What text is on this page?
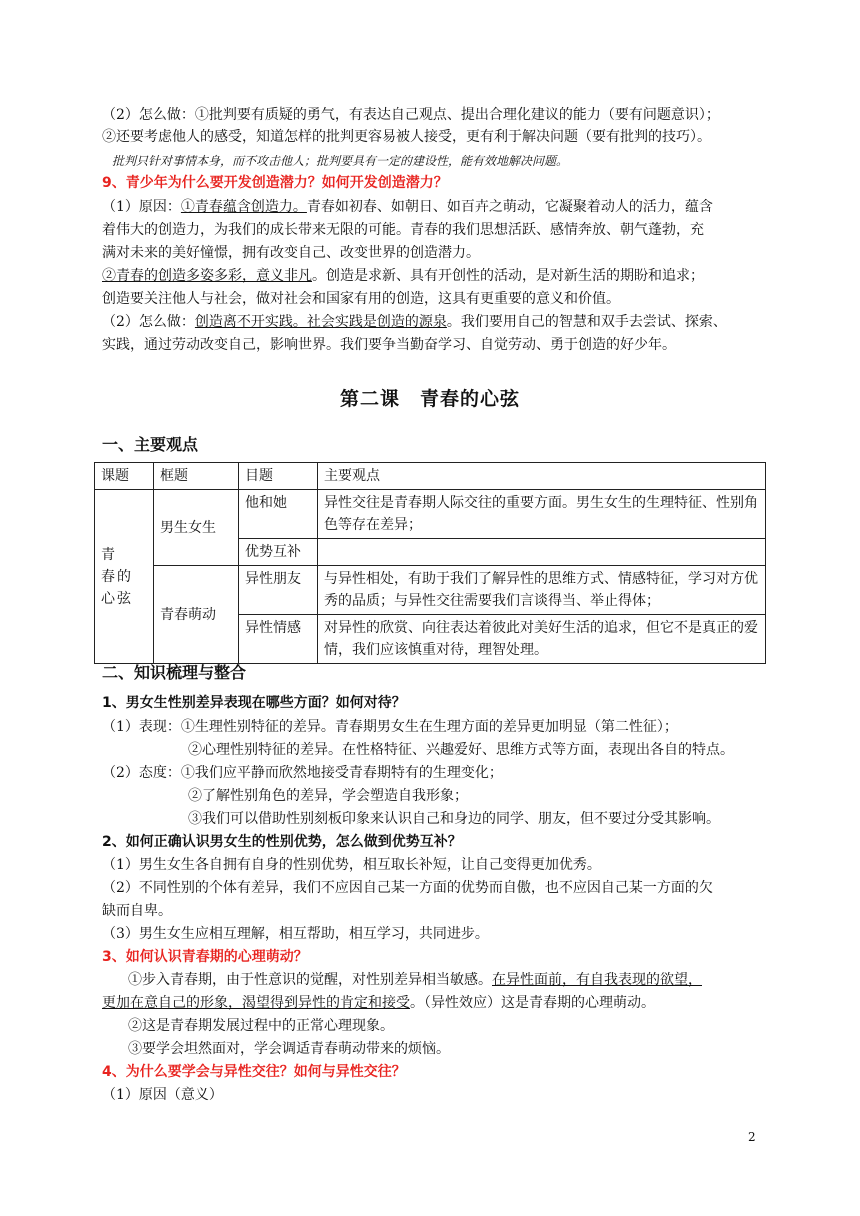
（2）怎么做：①批判要有质疑的勇气，有表达自己观点、提出合理化建议的能力（要有问题意识）；
②还要考虑他人的感受，知道怎样的批判更容易被人接受，更有利于解决问题（要有批判的技巧）。
批判只针对事情本身，而不攻击他人；批判要具有一定的建设性，能有效地解决问题。
9、青少年为什么要开发创造潜力？如何开发创造潜力？
（1）原因：①青春蕴含创造力。青春如初春、如朝日、如百卉之萌动，它凝聚着动人的活力，蕴含
着伟大的创造力，为我们的成长带来无限的可能。青春的我们思想活跃、感情奔放、朝气蓬勃，充
满对未来的美好憧憬，拥有改变自己、改变世界的创造潜力。
②青春的创造多姿多彩，意义非凡。创造是求新、具有开创性的活动，是对新生活的期盼和追求；
创造要关注他人与社会，做对社会和国家有用的创造，这具有更重要的意义和价值。
（2）怎么做：创造离不开实践。社会实践是创造的源泉。我们要用自己的智慧和双手去尝试、探索、
实践，通过劳动改变自己，影响世界。我们要争当勤奋学习、自觉劳动、勇于创造的好少年。
第二课　青春的心弦
一、主要观点
课题	框题	目题	主要观点
青　春的　心弦	男生女生	他和她	异性交往是青春期人际交往的重要方面。男生女生的生理特征、性别角色等存在差异；
		优势互补	
	青春萌动	异性朋友	与异性相处，有助于我们了解异性的思维方式、情感特征，学习对方优秀的品质；与异性交往需要我们言谈得当、举止得体；
		异性情感	对异性的欣赏、向往表达着彼此对美好生活的追求，但它不是真正的爱情，我们应该慎重对待，理智处理。
二、知识梳理与整合
1、男女生性别差异表现在哪些方面？如何对待？
（1）表现：①生理性别特征的差异。青春期男女生在生理方面的差异更加明显（第二性征）；
②心理性别特征的差异。在性格特征、兴趣爱好、思维方式等方面，表现出各自的特点。
（2）态度：①我们应平静而欣然地接受青春期特有的生理变化；
②了解性别角色的差异，学会塑造自我形象；
③我们可以借助性别刻板印象来认识自己和身边的同学、朋友，但不要过分受其影响。
2、如何正确认识男女生的性别优势，怎么做到优势互补？
（1）男生女生各自拥有自身的性别优势，相互取长补短，让自己变得更加优秀。
（2）不同性别的个体有差异，我们不应因自己某一方面的优势而自傲，也不应因自己某一方面的欠
缺而自卑。
（3）男生女生应相互理解，相互帮助，相互学习，共同进步。
3、如何认识青春期的心理萌动？
①步入青春期，由于性意识的觉醒，对性别差异相当敏感。在异性面前，有自我表现的欲望，
更加在意自己的形象，渴望得到异性的肯定和接受。（异性效应）这是青春期的心理萌动。
②这是青春期发展过程中的正常心理现象。
③要学会坦然面对，学会调适青春萌动带来的烦恼。
4、为什么要学会与异性交往？如何与异性交往？
（1）原因（意义）
2
